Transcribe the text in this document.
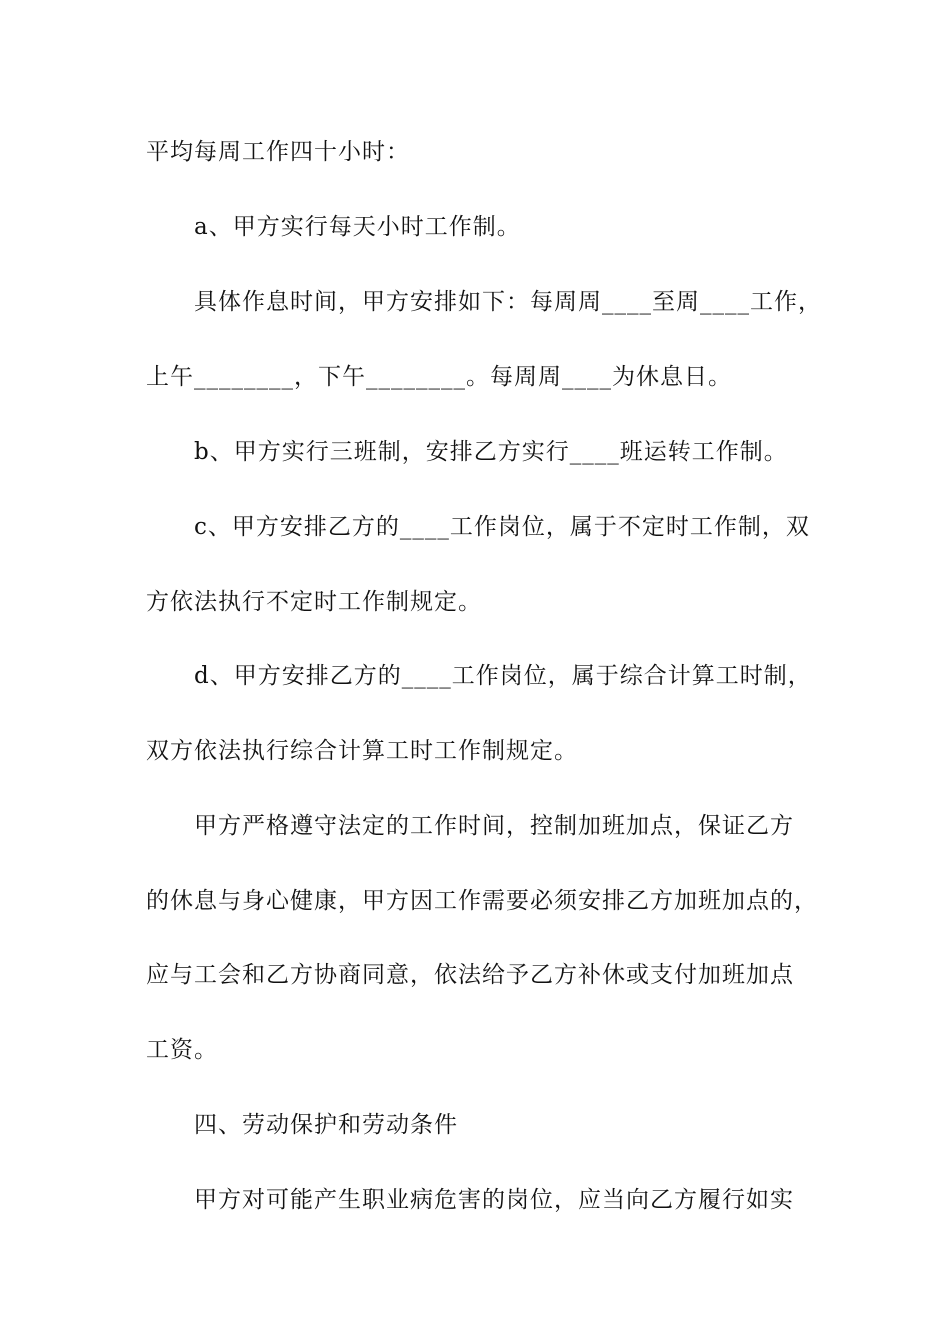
平均每周工作四十小时：
a、甲方实行每天小时工作制。
具体作息时间，甲方安排如下：每周周____至周____工作，
上午________，下午________。每周周____为休息日。
b、甲方实行三班制，安排乙方实行____班运转工作制。
c、甲方安排乙方的____工作岗位，属于不定时工作制，双
方依法执行不定时工作制规定。
d、甲方安排乙方的____工作岗位，属于综合计算工时制，
双方依法执行综合计算工时工作制规定。
甲方严格遵守法定的工作时间，控制加班加点，保证乙方
的休息与身心健康，甲方因工作需要必须安排乙方加班加点的，
应与工会和乙方协商同意，依法给予乙方补休或支付加班加点
工资。
四、劳动保护和劳动条件
甲方对可能产生职业病危害的岗位，应当向乙方履行如实
